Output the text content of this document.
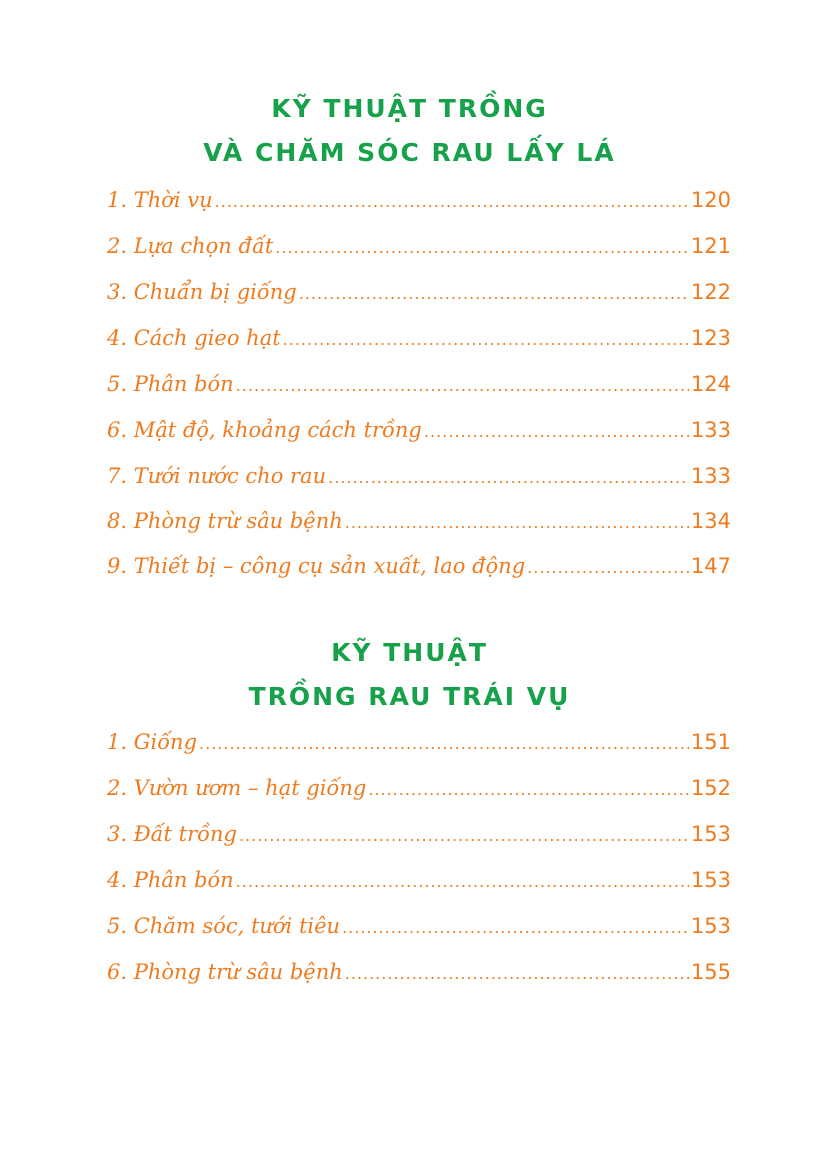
KỸ THUẬT TRỒNG
VÀ CHĂM SÓC RAU LẤY LÁ
1. Thời vụ .....	120
2. Lựa chọn đất .....	121
3. Chuẩn bị giống .....	122
4. Cách gieo hạt .....	123
5. Phân bón .....	124
6. Mật độ, khoảng cách trồng .....	133
7. Tưới nước cho rau .....	133
8. Phòng trừ sâu bệnh .....	134
9. Thiết bị – công cụ sản xuất, lao động .....	147
KỸ THUẬT
TRỒNG RAU TRÁI VỤ
1. Giống .....	151
2. Vườn ươm – hạt giống .....	152
3. Đất trồng .....	153
4. Phân bón .....	153
5. Chăm sóc, tưới tiêu .....	153
6. Phòng trừ sâu bệnh .....	155
